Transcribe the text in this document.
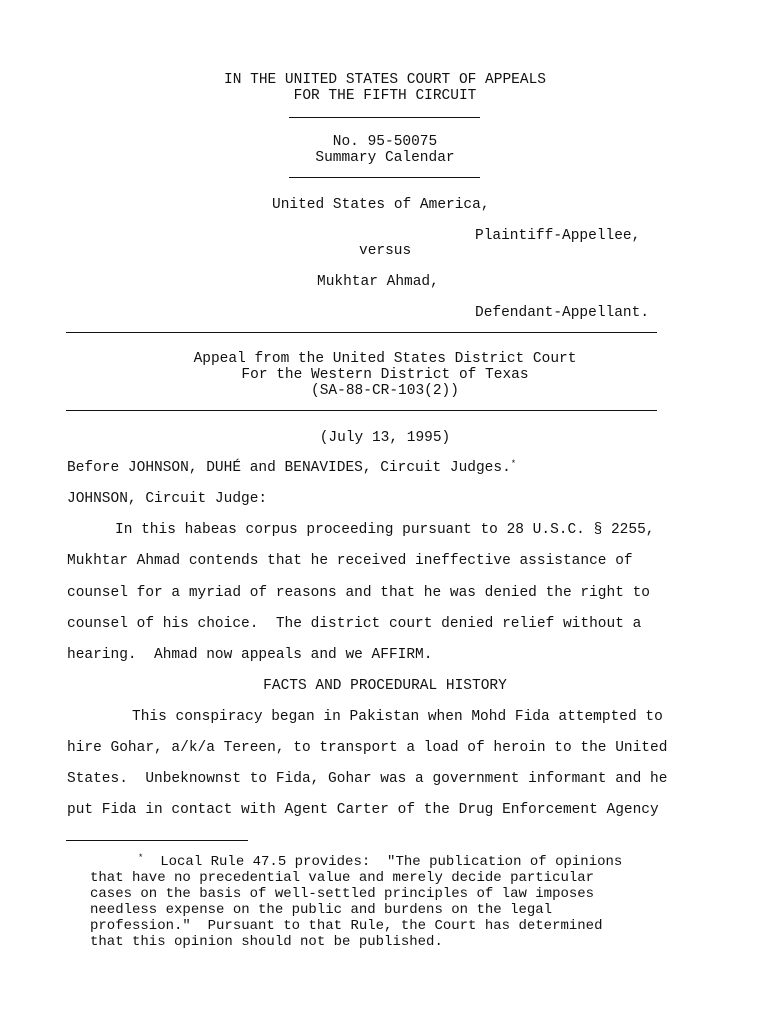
IN THE UNITED STATES COURT OF APPEALS
FOR THE FIFTH CIRCUIT
No. 95-50075
Summary Calendar
United States of America,
Plaintiff-Appellee,
versus
Mukhtar Ahmad,
Defendant-Appellant.
Appeal from the United States District Court
For the Western District of Texas
(SA-88-CR-103(2))
(July 13, 1995)
Before JOHNSON, DUHÉ and BENAVIDES, Circuit Judges.*
JOHNSON, Circuit Judge:
In this habeas corpus proceeding pursuant to 28 U.S.C. § 2255,
Mukhtar Ahmad contends that he received ineffective assistance of
counsel for a myriad of reasons and that he was denied the right to
counsel of his choice.  The district court denied relief without a
hearing.  Ahmad now appeals and we AFFIRM.
FACTS AND PROCEDURAL HISTORY
This conspiracy began in Pakistan when Mohd Fida attempted to
hire Gohar, a/k/a Tereen, to transport a load of heroin to the United
States.  Unbeknownst to Fida, Gohar was a government informant and he
put Fida in contact with Agent Carter of the Drug Enforcement Agency
* Local Rule 47.5 provides:  "The publication of opinions
that have no precedential value and merely decide particular
cases on the basis of well-settled principles of law imposes
needless expense on the public and burdens on the legal
profession."  Pursuant to that Rule, the Court has determined
that this opinion should not be published.
